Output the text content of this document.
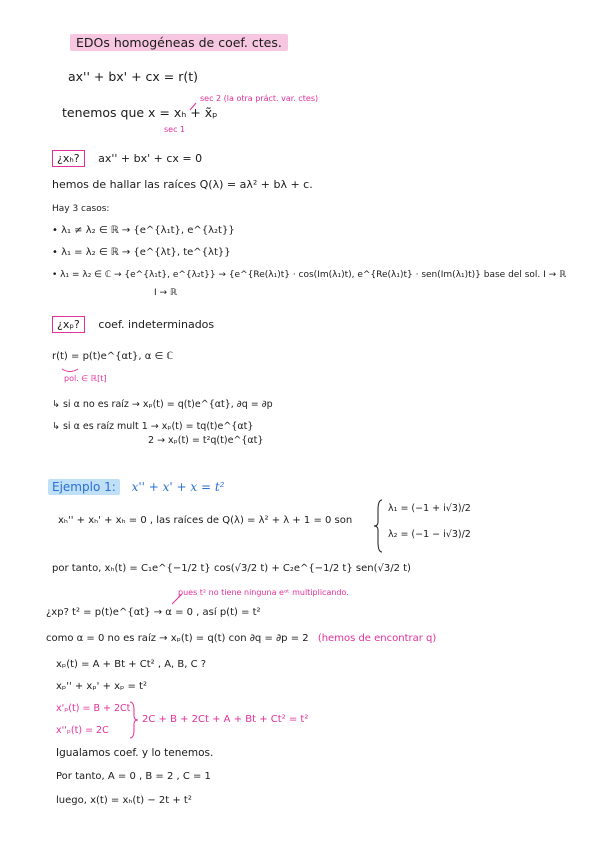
EDOs homogéneas de coef. ctes.
ax'' + bx' + cx = r(t)
sec 2 (la otra práct. var. ctes)
tenemos que x = xₕ + x̃ₚ
sec 1
¿xₕ? ax'' + bx' + cx = 0
hemos de hallar las raíces Q(λ) = aλ² + bλ + c.
Hay 3 casos:
• λ₁ ≠ λ₂ ∈ ℝ → {e^{λ₁t}, e^{λ₂t}}
• λ₁ = λ₂ ∈ ℝ → {e^{λt}, te^{λt}}
• λ₁ = λ₂ ∈ ℂ → {e^{λ₁t}, e^{λ₂t}} → {e^{Re(λ₁)t} · cos(Im(λ₁)t), e^{Re(λ₁)t} · sen(Im(λ₁)t)} base del sol. I → ℝ
I → ℝ
¿xₚ? coef. indeterminados
r(t) = p(t)e^{αt}, α ∈ ℂ
pol. ∈ ℝ[t]
↳ si α no es raíz → xₚ(t) = q(t)e^{αt}, ∂q = ∂p
↳ si α es raíz mult 1 → xₚ(t) = tq(t)e^{αt}
2 → xₚ(t) = t²q(t)e^{αt}
Ejemplo 1: x'' + x' + x = t²
xₕ'' + xₕ' + xₕ = 0 , las raíces de Q(λ) = λ² + λ + 1 = 0 son
λ₁ = (−1 + i√3)/2
λ₂ = (−1 − i√3)/2
por tanto, xₕ(t) = C₁e^{−1/2 t} cos(√3/2 t) + C₂e^{−1/2 t} sen(√3/2 t)
pues t² no tiene ninguna eᵅᵗ multiplicando.
¿xp? t² = p(t)e^{αt} → α = 0 , así p(t) = t²
como α = 0 no es raíz → xₚ(t) = q(t) con ∂q = ∂p = 2 (hemos de encontrar q)
xₚ(t) = A + Bt + Ct² , A, B, C ?
xₚ'' + xₚ' + xₚ = t²
x'ₚ(t) = B + 2Ct
x''ₚ(t) = 2C
2C + B + 2Ct + A + Bt + Ct² = t²
Igualamos coef. y lo tenemos.
Por tanto, A = 0 , B = 2 , C = 1
luego, x(t) = xₕ(t) − 2t + t²
